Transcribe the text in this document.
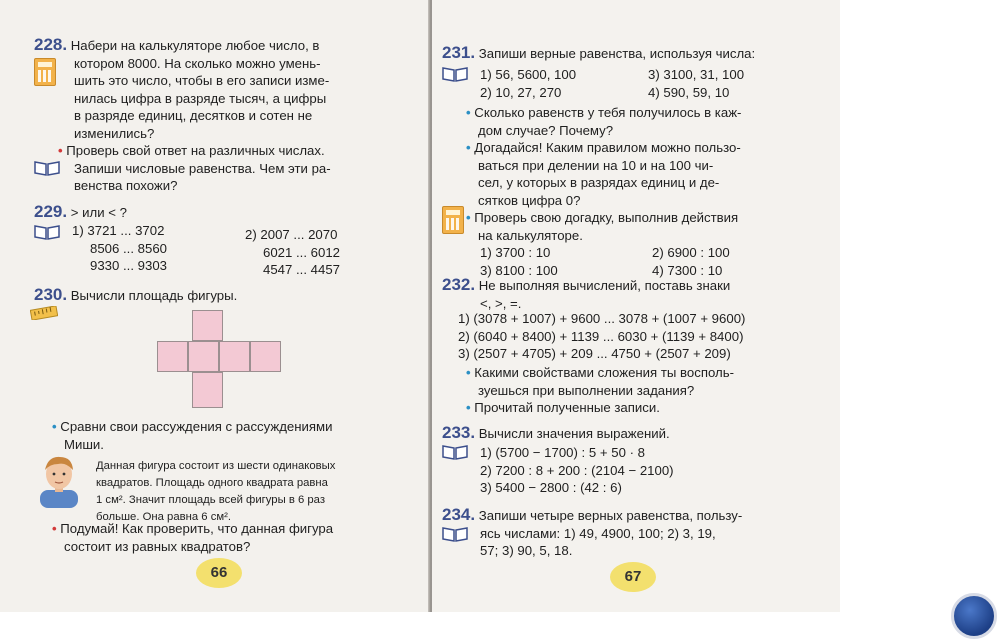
228. Набери на калькуляторе любое число, в
котором 8000. На сколько можно умень-
шить это число, чтобы в его записи изме-
нилась цифра в разряде тысяч, а цифры
в разряде единиц, десятков и сотен не
изменились?
• Проверь свой ответ на различных числах.
Запиши числовые равенства. Чем эти ра-
венства похожи?
229. > или < ?
1) 3721 ... 3702
8506 ... 8560
9330 ... 9303
2) 2007 ... 2070
6021 ... 6012
4547 ... 4457
230. Вычисли площадь фигуры.
• Сравни свои рассуждения с рассуждениями
Миши.
Данная фигура состоит из шести одинаковых
квадратов. Площадь одного квадрата равна
1 см². Значит площадь всей фигуры в 6 раз
больше. Она равна 6 см².
• Подумай! Как проверить, что данная фигура
состоит из равных квадратов?
66
231. Запиши верные равенства, используя числа:
1) 56, 5600, 100
2) 10, 27, 270
3) 3100, 31, 100
4) 590, 59, 10
• Сколько равенств у тебя получилось в каж-
дом случае? Почему?
• Догадайся! Каким правилом можно пользо-
ваться при делении на 10 и на 100 чи-
сел, у которых в разрядах единиц и де-
сятков цифра 0?
• Проверь свою догадку, выполнив действия
на калькуляторе.
1) 3700 : 10
3) 8100 : 100
2) 6900 : 100
4) 7300 : 10
232. Не выполняя вычислений, поставь знаки
<, >, =.
1) (3078 + 1007) + 9600 ... 3078 + (1007 + 9600)
2) (6040 + 8400) + 1139 ... 6030 + (1139 + 8400)
3) (2507 + 4705) + 209 ... 4750 + (2507 + 209)
• Какими свойствами сложения ты восполь-
зуешься при выполнении задания?
• Прочитай полученные записи.
233. Вычисли значения выражений.
1) (5700 − 1700) : 5 + 50 · 8
2) 7200 : 8 + 200 : (2104 − 2100)
3) 5400 − 2800 : (42 : 6)
234. Запиши четыре верных равенства, пользу-
ясь числами: 1) 49, 4900, 100; 2) 3, 19,
57; 3) 90, 5, 18.
67
